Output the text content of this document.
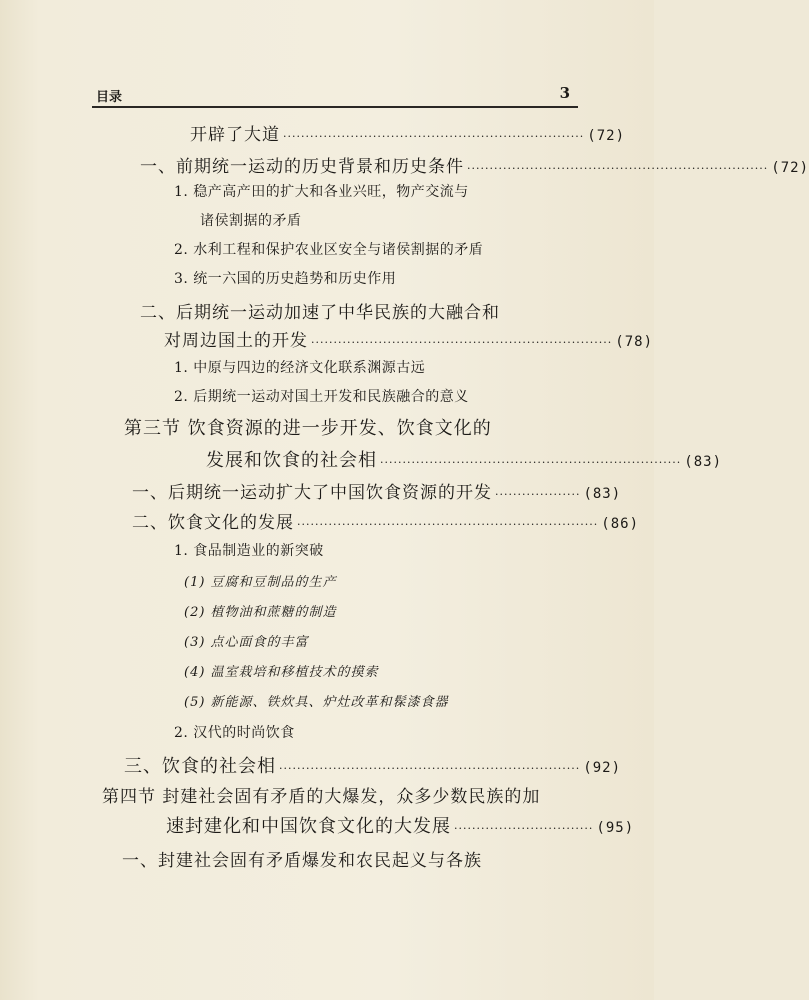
目录	3
开辟了大道 ··································································· (72)
一、前期统一运动的历史背景和历史条件 ··································································· (72)
1. 稳产高产田的扩大和各业兴旺，物产交流与
诸侯割据的矛盾
2. 水利工程和保护农业区安全与诸侯割据的矛盾
3. 统一六国的历史趋势和历史作用
二、后期统一运动加速了中华民族的大融合和
对周边国土的开发 ··································································· (78)
1. 中原与四边的经济文化联系渊源古远
2. 后期统一运动对国土开发和民族融合的意义
第三节 饮食资源的进一步开发、饮食文化的
发展和饮食的社会相 ··································································· (83)
一、后期统一运动扩大了中国饮食资源的开发 ··················· (83)
二、饮食文化的发展 ··································································· (86)
1. 食品制造业的新突破
(1) 豆腐和豆制品的生产
(2) 植物油和蔗糖的制造
(3) 点心面食的丰富
(4) 温室栽培和移植技术的摸索
(5) 新能源、铁炊具、炉灶改革和髹漆食器
2. 汉代的时尚饮食
三、饮食的社会相 ··································································· (92)
第四节 封建社会固有矛盾的大爆发，众多少数民族的加
速封建化和中国饮食文化的大发展 ······························· (95)
一、封建社会固有矛盾爆发和农民起义与各族
